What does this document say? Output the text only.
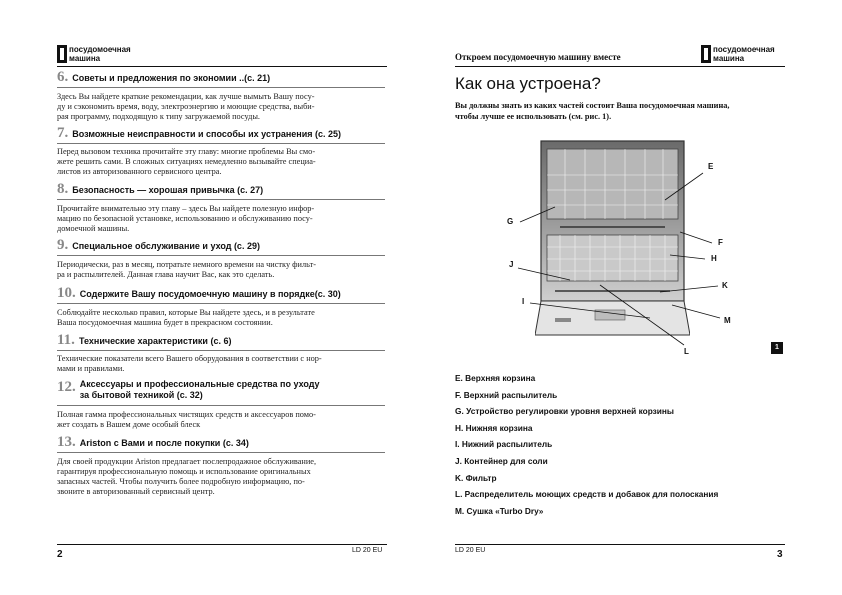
посудомоечная
машина
6. Советы и предложения по экономии ..(с. 21)
Здесь Вы найдете краткие рекомендации, как лучше вымыть Вашу посу-
ду и сэкономить время, воду, электроэнергию и моющие средства, выби-
рая программу, подходящую к типу загружаемой посуды.
7. Возможные неисправности и способы их устранения (с. 25)
Перед вызовом техника прочитайте эту главу: многие проблемы Вы смо-
жете решить сами. В сложных ситуациях немедленно вызывайте специа-
листов из авторизованного сервисного центра.
8. Безопасность — хорошая привычка (с. 27)
Прочитайте внимательно эту главу – здесь Вы найдете полезную инфор-
мацию по безопасной установке, использованию и обслуживанию посу-
домоечной машины.
9. Специальное обслуживание и уход (с. 29)
Периодически, раз в месяц, потратьте немного времени на чистку фильт-
ра и распылителей. Данная глава научит Вас, как это сделать.
10. Содержите Вашу посудомоечную машину в порядке(с. 30)
Соблюдайте несколько правил, которые Вы найдете здесь, и в результате
Ваша посудомоечная машина будет в прекрасном состоянии.
11. Технические характеристики (с. 6)
Технические показатели всего Вашего оборудования в соответствии с нор-
мами и правилами.
12. Аксессуары и профессиональные средства по уходу
за бытовой техникой (с. 32)
Полная гамма профессиональных чистящих средств и аксессуаров помо-
жет создать в Вашем доме особый блеск
13. Ariston с Вами и после покупки (с. 34)
Для своей продукции Ariston предлагает послепродажное обслуживание,
гарантируя профессиональную помощь и использование оригинальных
запасных частей. Чтобы получить более подробную информацию, по-
звоните в авторизованный сервисный центр.
2	LD 20 EU
Откроем посудомоечную машину вместе
посудомоечная
машина
Как она устроена?
Вы должны знать из каких частей состоит Ваша посудомоечная машина,
чтобы лучше ее использовать (см. рис. 1).
E
G
F
H
J
K
I
M
L	1
E. Верхняя корзина
F. Верхний распылитель
G. Устройство регулировки уровня верхней корзины
H. Нижняя корзина
I. Нижний распылитель
J. Контейнер для соли
K. Фильтр
L. Распределитель моющих средств и добавок для полоскания
M. Сушка «Turbo Dry»
LD 20 EU	3
